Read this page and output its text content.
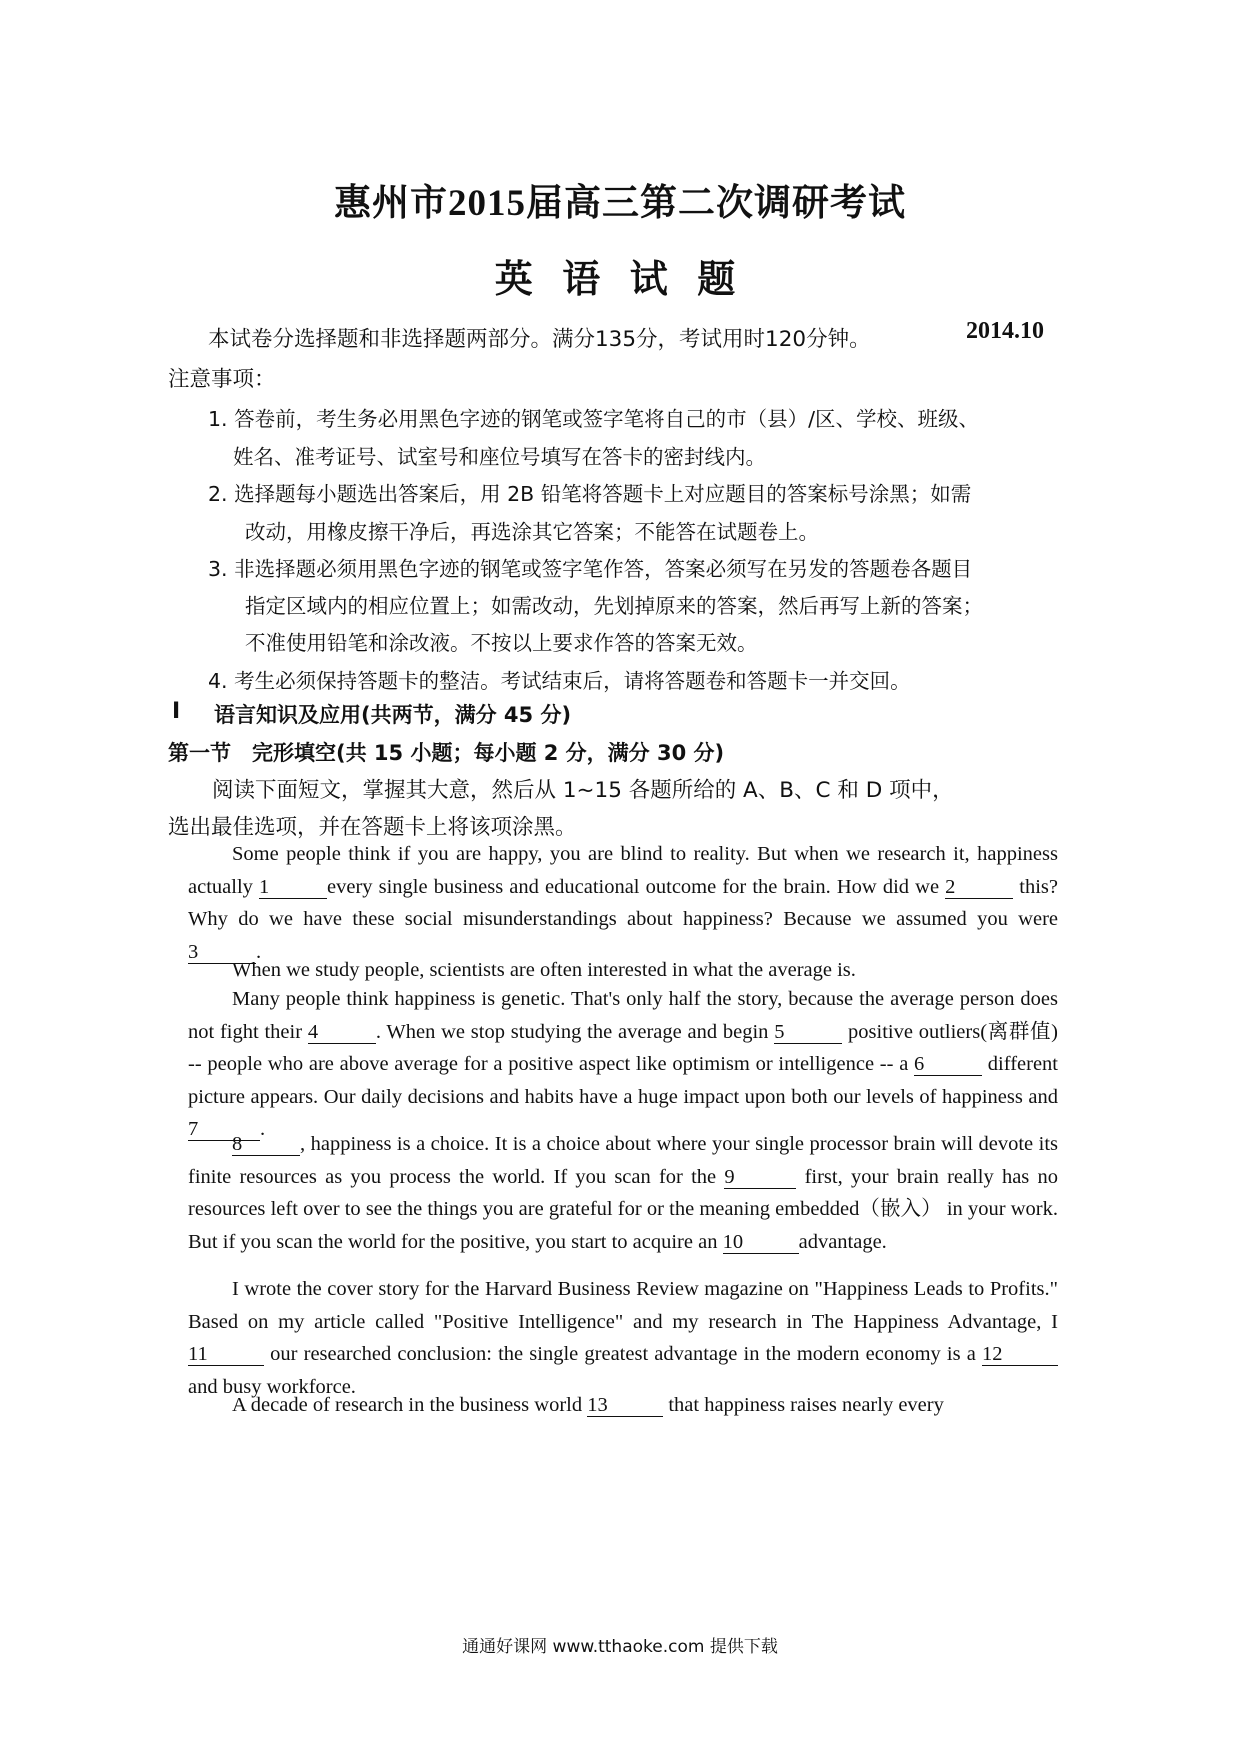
惠州市2015届高三第二次调研考试
英 语 试 题
2014.10
本试卷分选择题和非选择题两部分。满分135分，考试用时120分钟。
注意事项：
1. 答卷前，考生务必用黑色字迹的钢笔或签字笔将自己的市（县）/区、学校、班级、
姓名、准考证号、试室号和座位号填写在答卡的密封线内。
2. 选择题每小题选出答案后，用 2B 铅笔将答题卡上对应题目的答案标号涂黑；如需
改动，用橡皮擦干净后，再选涂其它答案；不能答在试题卷上。
3. 非选择题必须用黑色字迹的钢笔或签字笔作答，答案必须写在另发的答题卷各题目
指定区域内的相应位置上；如需改动，先划掉原来的答案，然后再写上新的答案；
不准使用铅笔和涂改液。不按以上要求作答的答案无效。
4. 考生必须保持答题卡的整洁。考试结束后，请将答题卷和答题卡一并交回。
I 语言知识及应用(共两节，满分 45 分)
第一节　完形填空(共 15 小题；每小题 2 分，满分 30 分)
阅读下面短文，掌握其大意，然后从 1~15 各题所给的 A、B、C 和 D 项中，
选出最佳选项，并在答题卡上将该项涂黑。
Some people think if you are happy, you are blind to reality. But when we research it, happiness actually 1	every single business and educational outcome for the brain. How did we 2	this? Why do we have these social misunderstandings about happiness? Because we assumed you were 3	.
When we study people, scientists are often interested in what the average is.
Many people think happiness is genetic. That's only half the story, because the average person does not fight their 4	. When we stop studying the average and begin 5	positive outliers(离群值) -- people who are above average for a positive aspect like optimism or intelligence -- a 6	different picture appears. Our daily decisions and habits have a huge impact upon both our levels of happiness and 7	.
8	, happiness is a choice. It is a choice about where your single processor brain will devote its finite resources as you process the world. If you scan for the 9	first, your brain really has no resources left over to see the things you are grateful for or the meaning embedded（嵌入） in your work. But if you scan the world for the positive, you start to acquire an 10	advantage.
I wrote the cover story for the Harvard Business Review magazine on "Happiness Leads to Profits." Based on my article called "Positive Intelligence" and my research in The Happiness Advantage, I 11	our researched conclusion: the single greatest advantage in the modern economy is a 12 and busy workforce.
A decade of research in the business world 13	that happiness raises nearly every
通通好课网 www.tthaoke.com 提供下载
